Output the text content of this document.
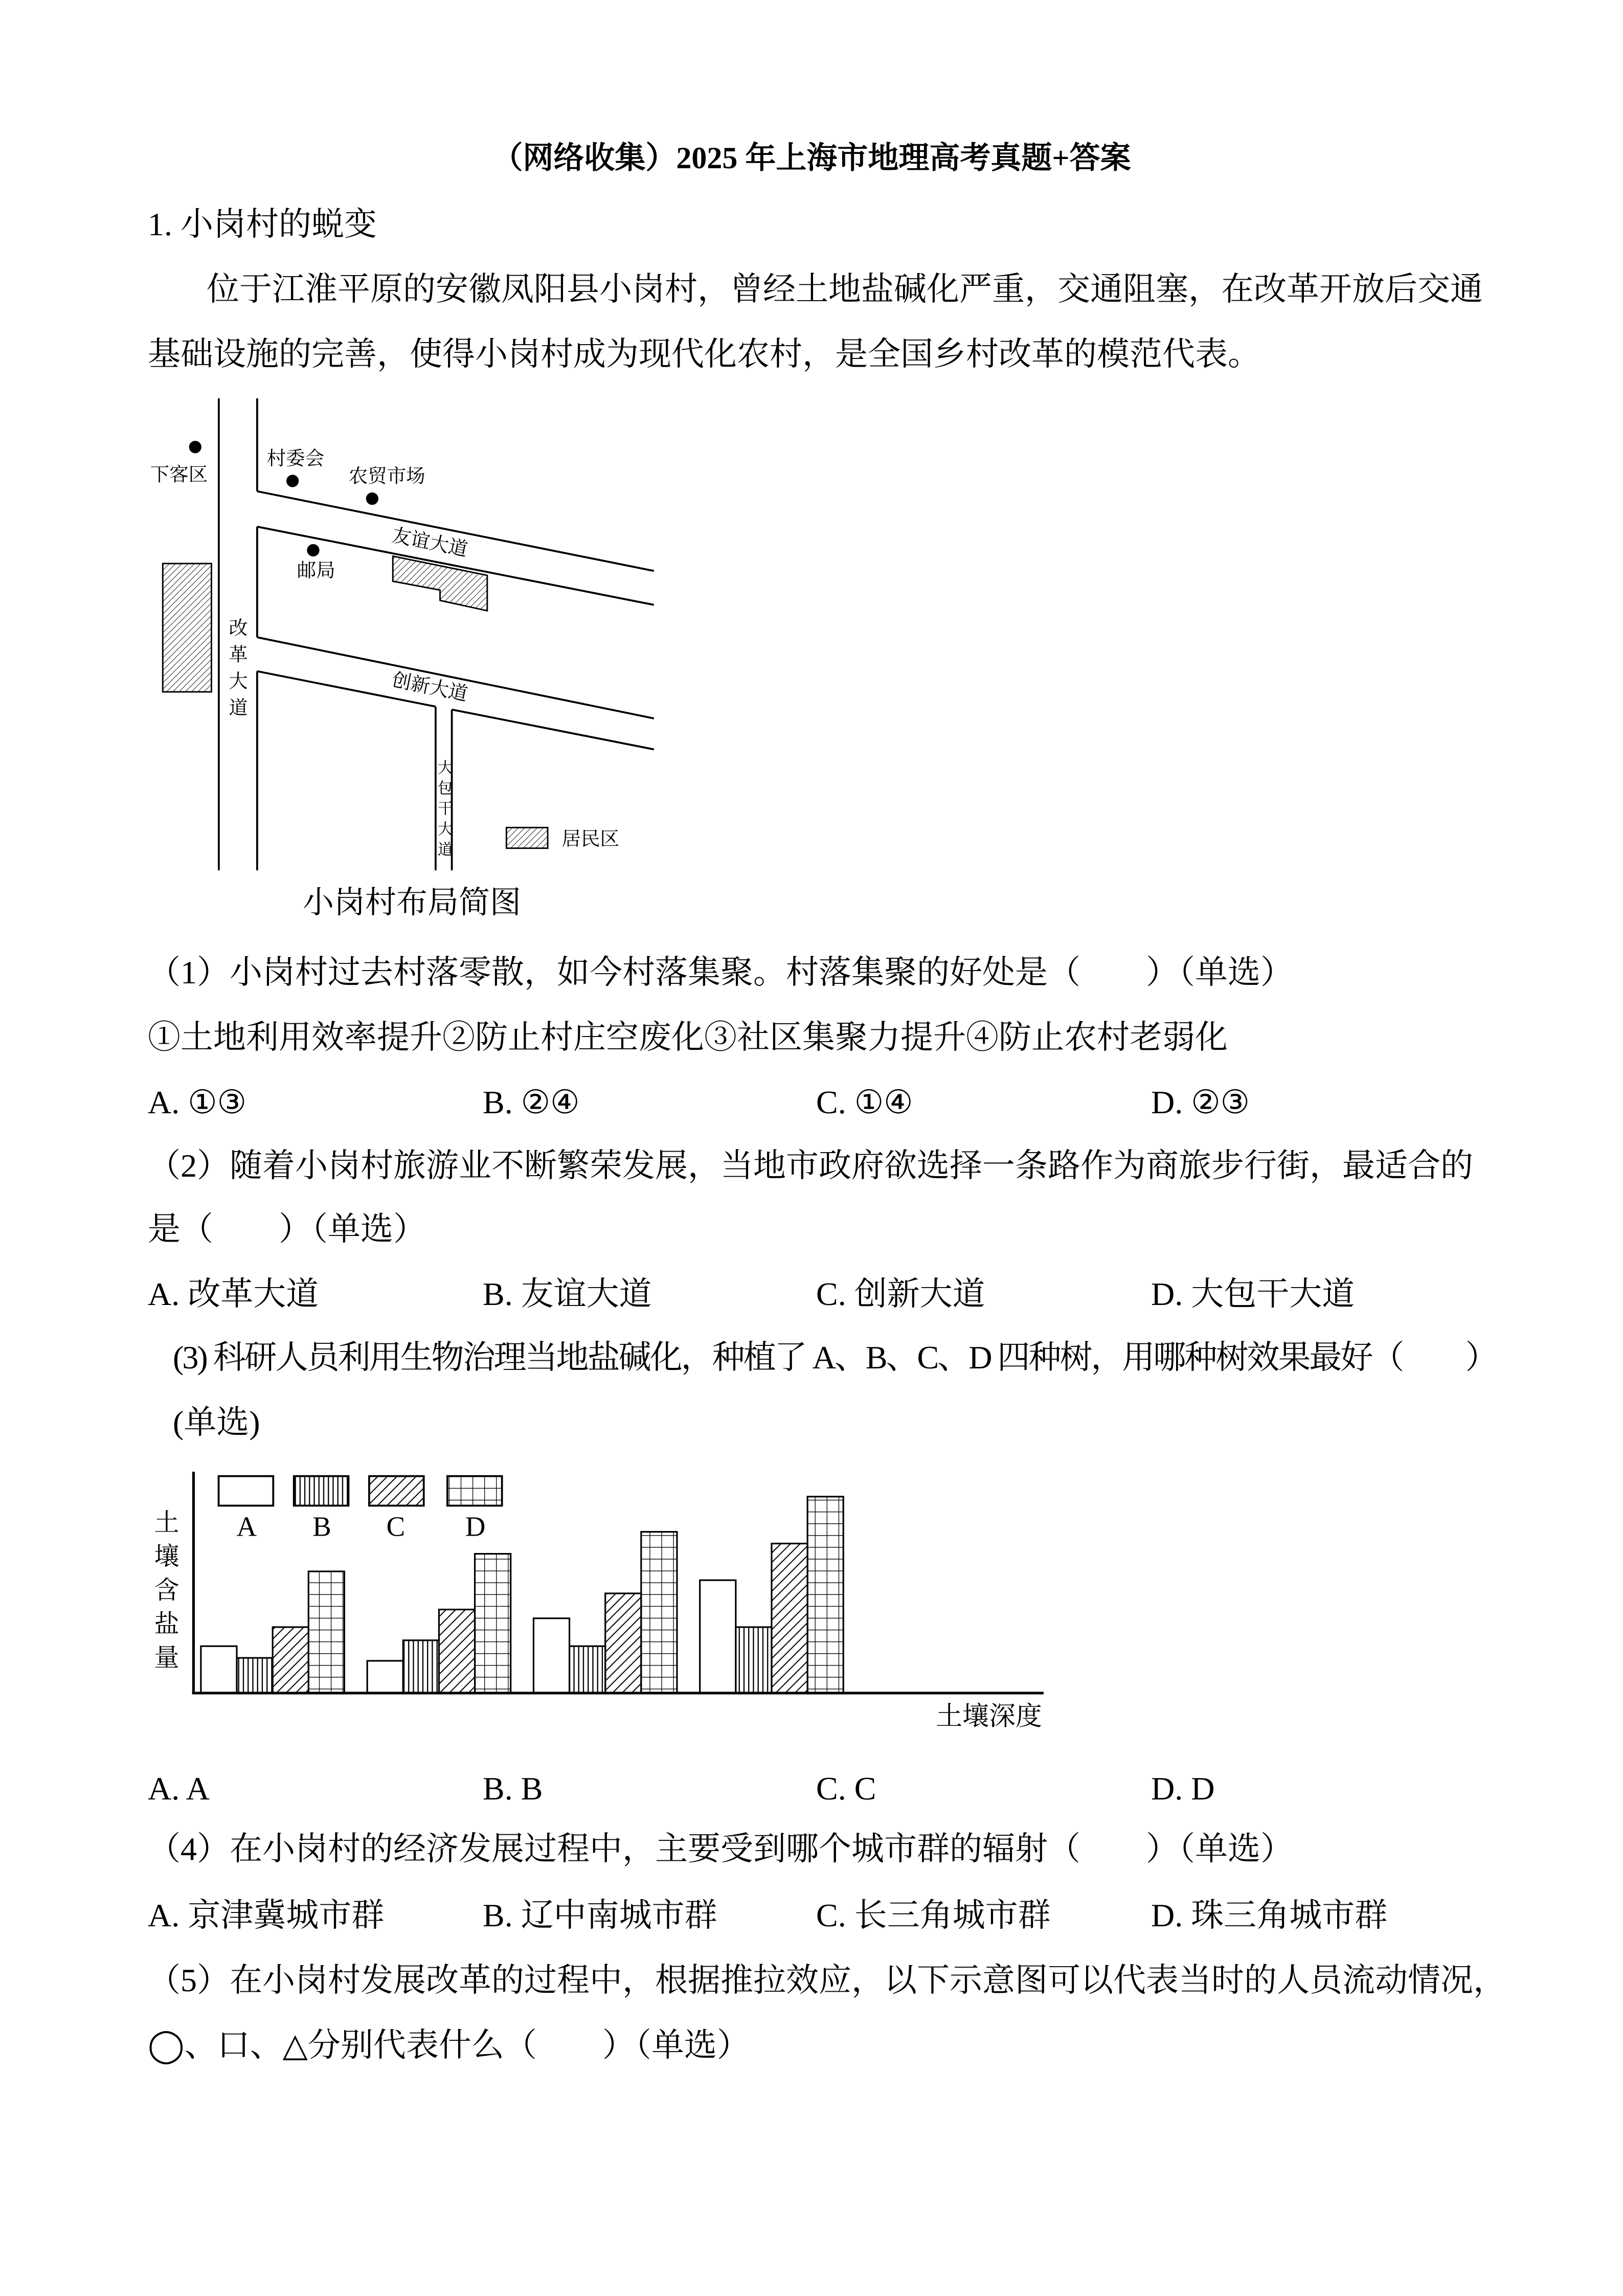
（网络收集）2025 年上海市地理高考真题+答案
1. 小岗村的蜕变
位于江淮平原的安徽凤阳县小岗村，曾经土地盐碱化严重，交通阻塞，在改革开放后交通
基础设施的完善，使得小岗村成为现代化农村，是全国乡村改革的模范代表。
下客区
村委会
农贸市场
邮局
友谊大道
创新大道
居民区
改革大道
大包干大道
小岗村布局简图
（1）小岗村过去村落零散，如今村落集聚。村落集聚的好处是（　　）（单选）
①土地利用效率提升②防止村庄空废化③社区集聚力提升④防止农村老弱化
A. ①③	B. ②④	C. ①④	D. ②③
（2）随着小岗村旅游业不断繁荣发展，当地市政府欲选择一条路作为商旅步行街，最适合的
是（　　）（单选）
A. 改革大道	B. 友谊大道	C. 创新大道	D. 大包干大道
(3) 科研人员利用生物治理当地盐碱化，种植了 A、B、C、D 四种树，用哪种树效果最好（　　）
(单选)
A	B	C	D
土壤深度
土壤含盐量
A. A	B. B	C. C	D. D
（4）在小岗村的经济发展过程中，主要受到哪个城市群的辐射（　　）（单选）
A. 京津冀城市群	B. 辽中南城市群	C. 长三角城市群	D. 珠三角城市群
（5）在小岗村发展改革的过程中，根据推拉效应，以下示意图可以代表当时的人员流动情况，
◯、口、△分别代表什么（　　）（单选）
